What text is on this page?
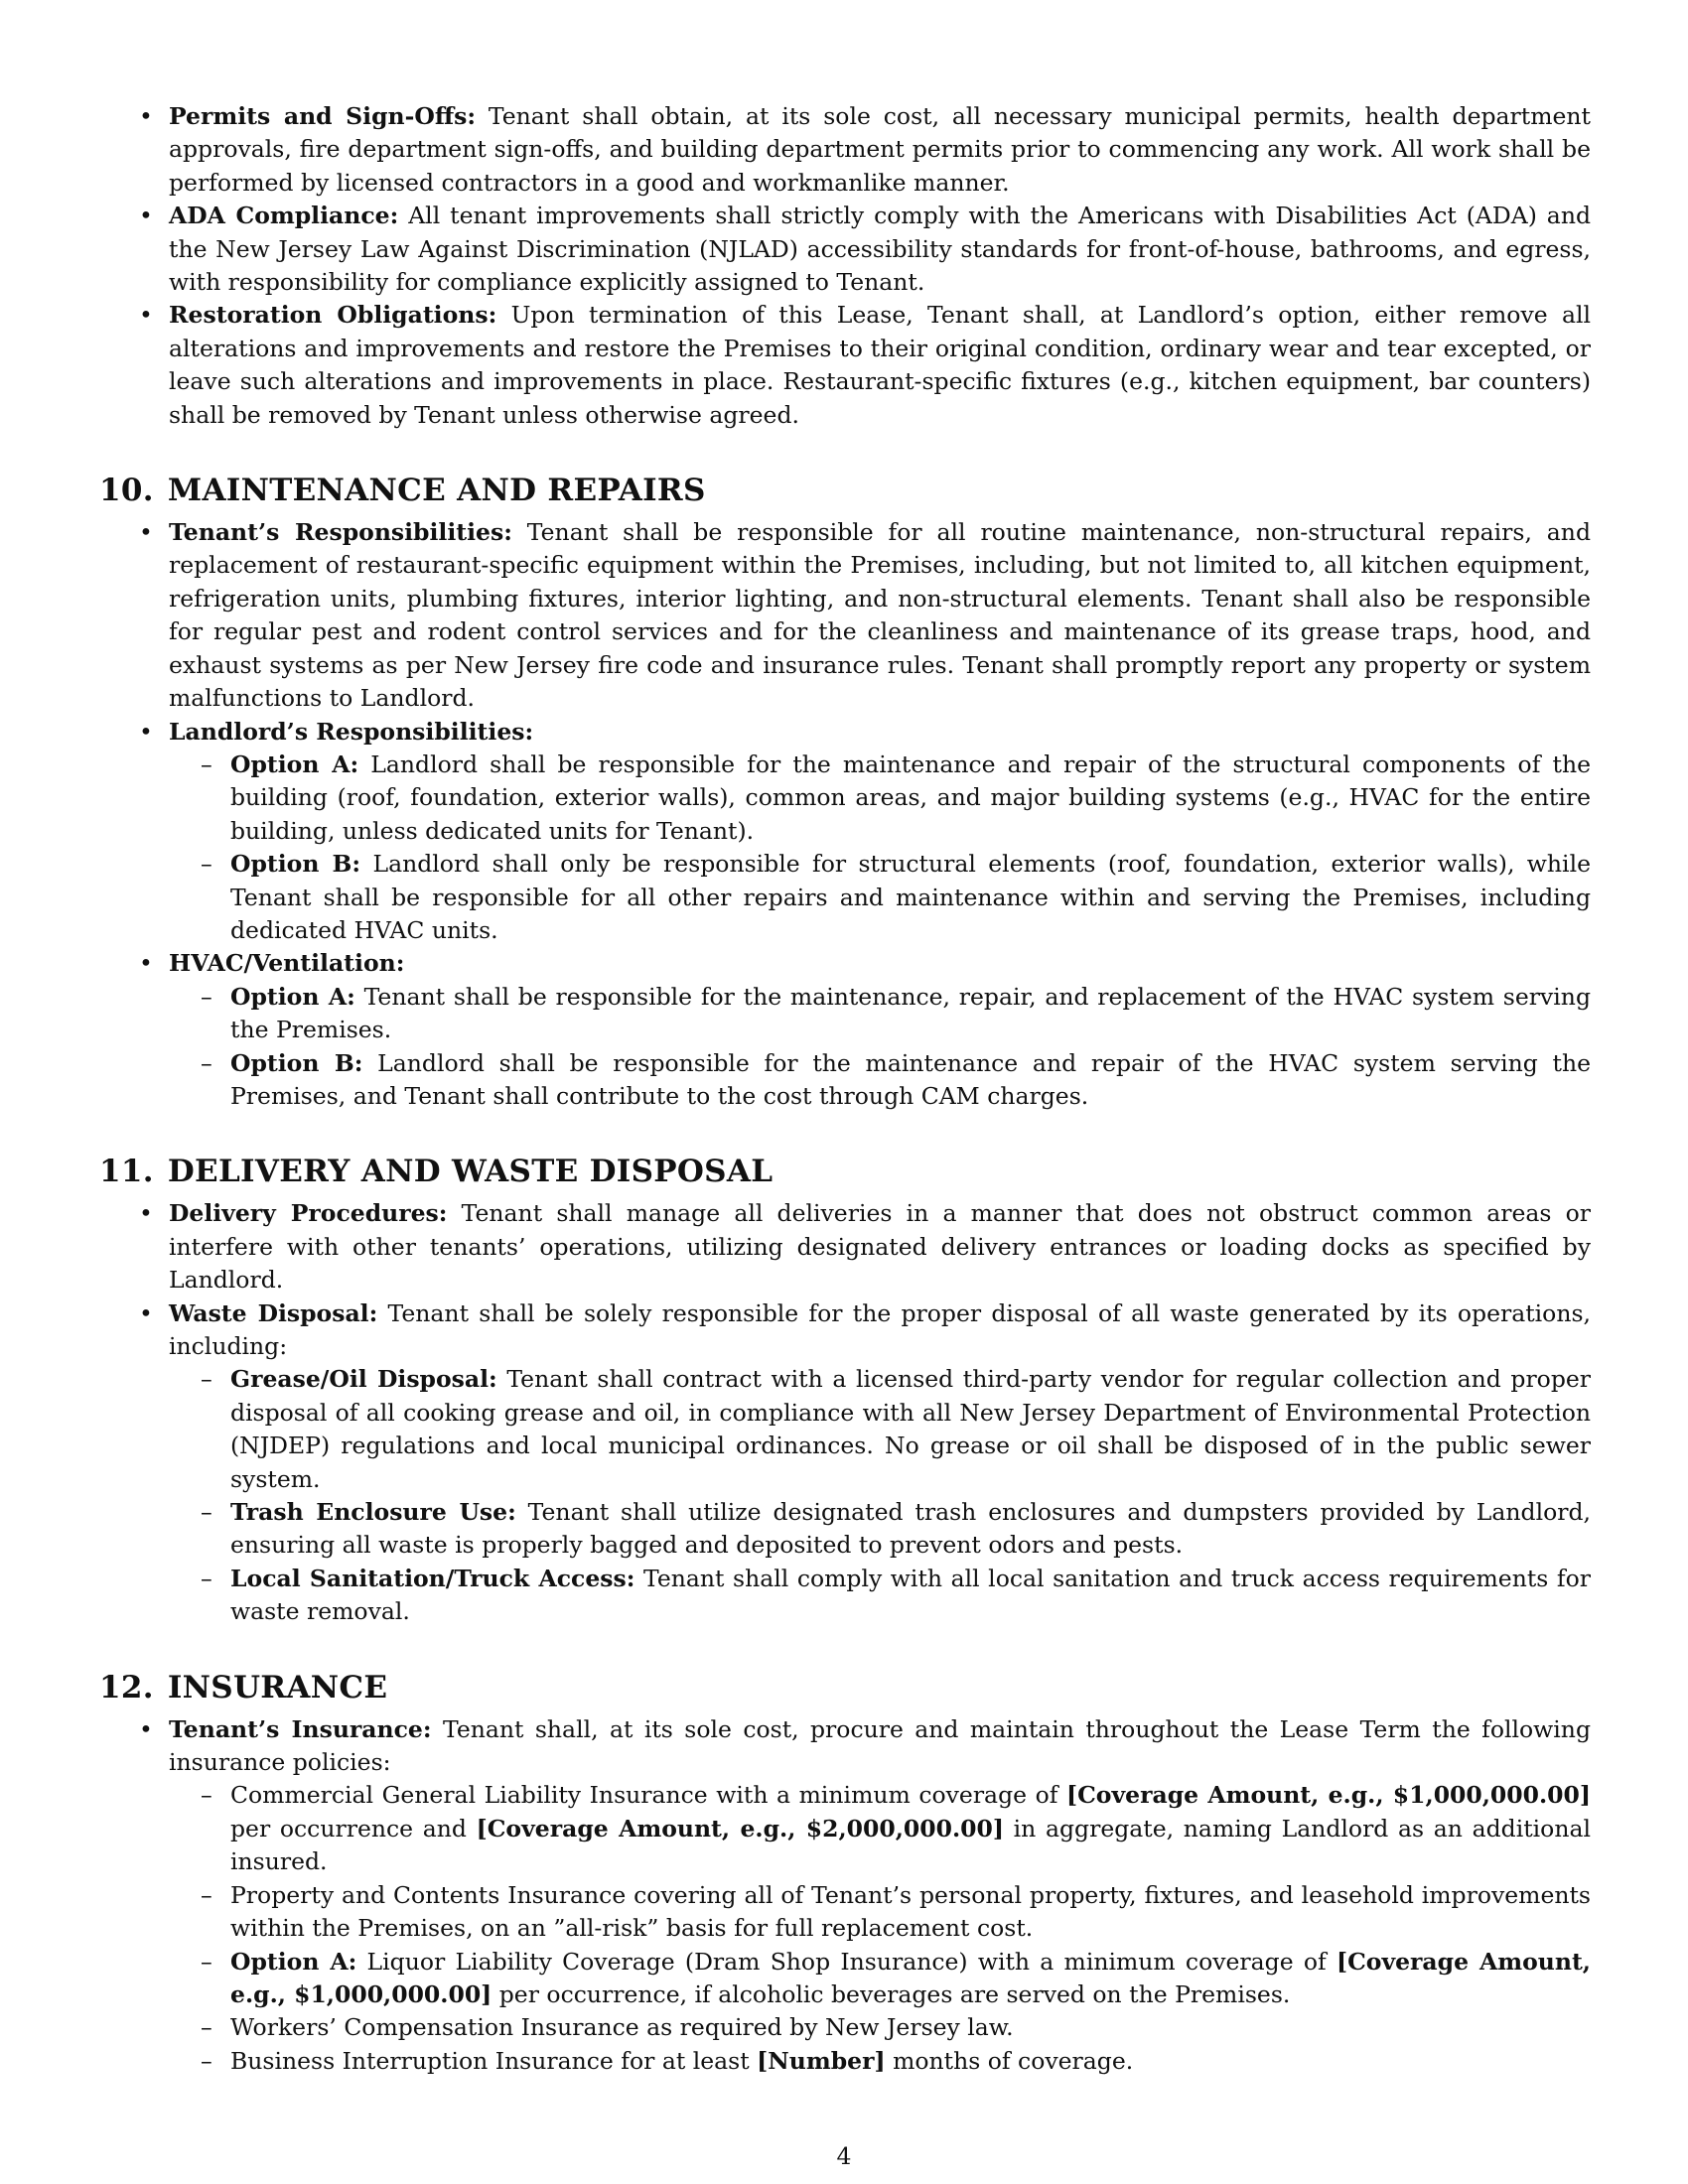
• Permits and Sign-Offs: Tenant shall obtain, at its sole cost, all necessary municipal permits, health department approvals, fire department sign-offs, and building department permits prior to commencing any work. All work shall be performed by licensed contractors in a good and workmanlike manner.
• ADA Compliance: All tenant improvements shall strictly comply with the Americans with Disabilities Act (ADA) and the New Jersey Law Against Discrimination (NJLAD) accessibility standards for front-of-house, bathrooms, and egress, with responsibility for compliance explicitly assigned to Tenant.
• Restoration Obligations: Upon termination of this Lease, Tenant shall, at Landlord’s option, either remove all alterations and improvements and restore the Premises to their original condition, ordinary wear and tear excepted, or leave such alterations and improvements in place. Restaurant-specific fixtures (e.g., kitchen equipment, bar counters) shall be removed by Tenant unless otherwise agreed.
10. MAINTENANCE AND REPAIRS
• Tenant’s Responsibilities: Tenant shall be responsible for all routine maintenance, non-structural repairs, and replacement of restaurant-specific equipment within the Premises, including, but not limited to, all kitchen equipment, refrigeration units, plumbing fixtures, interior lighting, and non-structural elements. Tenant shall also be responsible for regular pest and rodent control services and for the cleanliness and maintenance of its grease traps, hood, and exhaust systems as per New Jersey fire code and insurance rules. Tenant shall promptly report any property or system malfunctions to Landlord.
• Landlord’s Responsibilities:
– Option A: Landlord shall be responsible for the maintenance and repair of the structural components of the building (roof, foundation, exterior walls), common areas, and major building systems (e.g., HVAC for the entire building, unless dedicated units for Tenant).
– Option B: Landlord shall only be responsible for structural elements (roof, foundation, exterior walls), while Tenant shall be responsible for all other repairs and maintenance within and serving the Premises, including dedicated HVAC units.
• HVAC/Ventilation:
– Option A: Tenant shall be responsible for the maintenance, repair, and replacement of the HVAC system serving the Premises.
– Option B: Landlord shall be responsible for the maintenance and repair of the HVAC system serving the Premises, and Tenant shall contribute to the cost through CAM charges.
11. DELIVERY AND WASTE DISPOSAL
• Delivery Procedures: Tenant shall manage all deliveries in a manner that does not obstruct common areas or interfere with other tenants’ operations, utilizing designated delivery entrances or loading docks as specified by Landlord.
• Waste Disposal: Tenant shall be solely responsible for the proper disposal of all waste generated by its operations, including:
– Grease/Oil Disposal: Tenant shall contract with a licensed third-party vendor for regular collection and proper disposal of all cooking grease and oil, in compliance with all New Jersey Department of Environmental Protection (NJDEP) regulations and local municipal ordinances. No grease or oil shall be disposed of in the public sewer system.
– Trash Enclosure Use: Tenant shall utilize designated trash enclosures and dumpsters provided by Landlord, ensuring all waste is properly bagged and deposited to prevent odors and pests.
– Local Sanitation/Truck Access: Tenant shall comply with all local sanitation and truck access requirements for waste removal.
12. INSURANCE
• Tenant’s Insurance: Tenant shall, at its sole cost, procure and maintain throughout the Lease Term the following insurance policies:
– Commercial General Liability Insurance with a minimum coverage of [Coverage Amount, e.g., $1,000,000.00] per occurrence and [Coverage Amount, e.g., $2,000,000.00] in aggregate, naming Landlord as an additional insured.
– Property and Contents Insurance covering all of Tenant’s personal property, fixtures, and leasehold improvements within the Premises, on an ”all-risk” basis for full replacement cost.
– Option A: Liquor Liability Coverage (Dram Shop Insurance) with a minimum coverage of [Coverage Amount, e.g., $1,000,000.00] per occurrence, if alcoholic beverages are served on the Premises.
– Workers’ Compensation Insurance as required by New Jersey law.
– Business Interruption Insurance for at least [Number] months of coverage.
4
